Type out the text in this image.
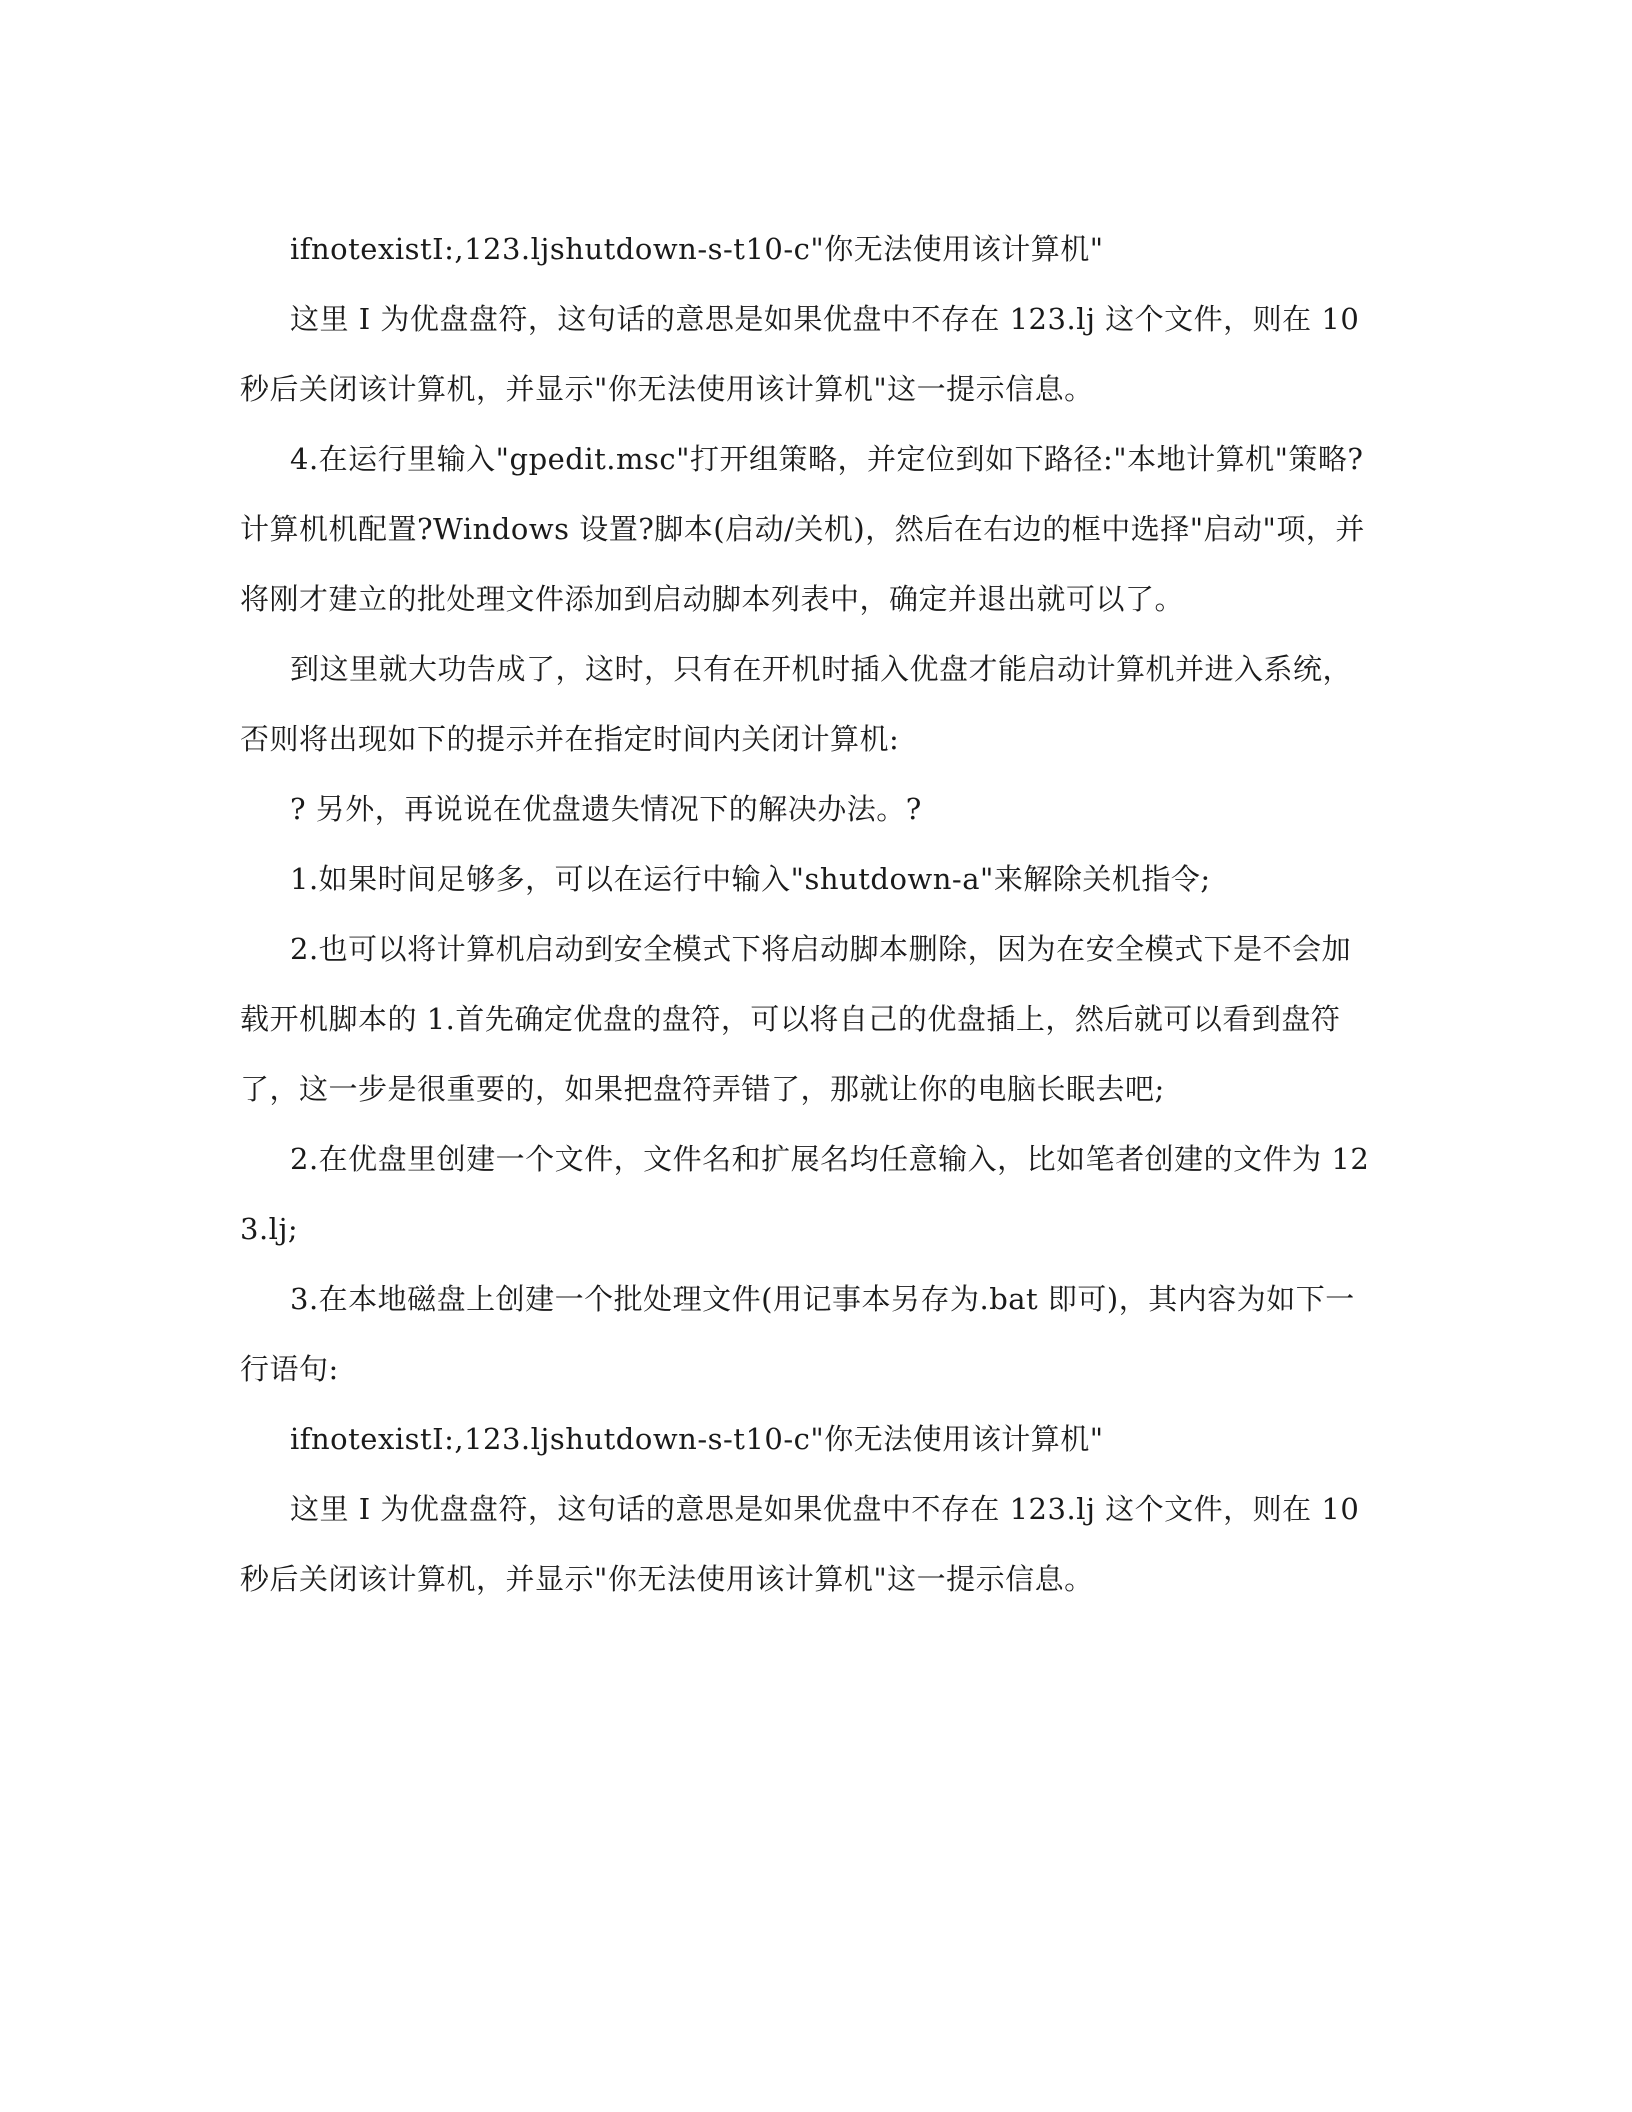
ifnotexistI:,123.ljshutdown-s-t10-c"你无法使用该计算机"

这里 I 为优盘盘符，这句话的意思是如果优盘中不存在 123.lj 这个文件，则在 10 秒后关闭该计算机，并显示"你无法使用该计算机"这一提示信息。

4.在运行里输入"gpedit.msc"打开组策略，并定位到如下路径:"本地计算机"策略?计算机机配置?Windows 设置?脚本(启动/关机)，然后在右边的框中选择"启动"项，并将刚才建立的批处理文件添加到启动脚本列表中，确定并退出就可以了。

到这里就大功告成了，这时，只有在开机时插入优盘才能启动计算机并进入系统，否则将出现如下的提示并在指定时间内关闭计算机:

? 另外，再说说在优盘遗失情况下的解决办法。?

1.如果时间足够多，可以在运行中输入"shutdown-a"来解除关机指令;

2.也可以将计算机启动到安全模式下将启动脚本删除，因为在安全模式下是不会加载开机脚本的 1.首先确定优盘的盘符，可以将自己的优盘插上，然后就可以看到盘符了，这一步是很重要的，如果把盘符弄错了，那就让你的电脑长眠去吧;

2.在优盘里创建一个文件，文件名和扩展名均任意输入，比如笔者创建的文件为 123.lj;

3.在本地磁盘上创建一个批处理文件(用记事本另存为.bat 即可)，其内容为如下一行语句:

ifnotexistI:,123.ljshutdown-s-t10-c"你无法使用该计算机"

这里 I 为优盘盘符，这句话的意思是如果优盘中不存在 123.lj 这个文件，则在 10 秒后关闭该计算机，并显示"你无法使用该计算机"这一提示信息。
